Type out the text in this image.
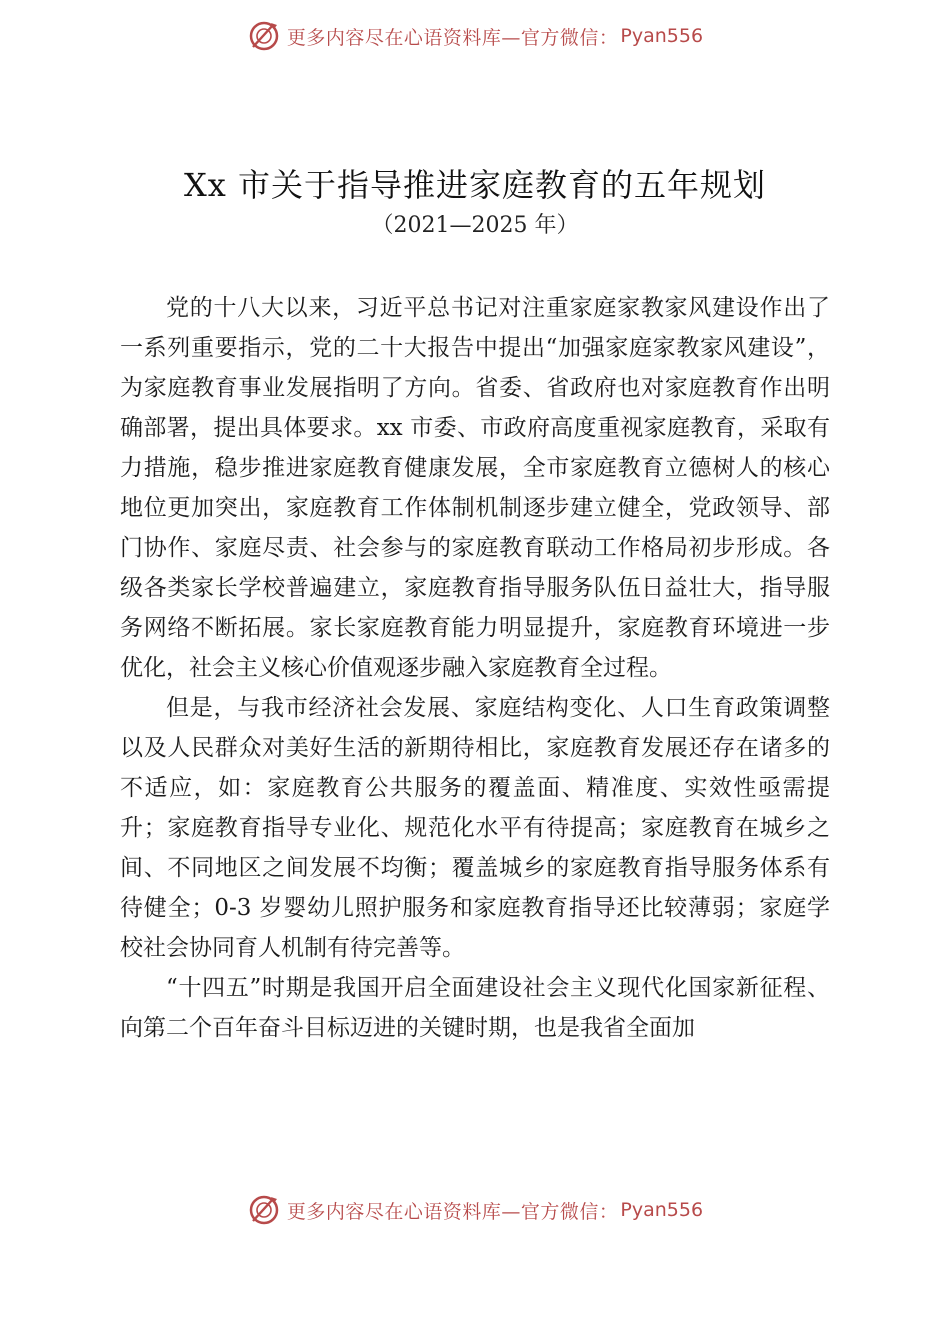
更多内容尽在心语资料库—官方微信： Pyan556
Xx 市关于指导推进家庭教育的五年规划
（2021—2025 年）

党的十八大以来，习近平总书记对注重家庭家教家风建设作出了一系列重要指示，党的二十大报告中提出“加强家庭家教家风建设”，为家庭教育事业发展指明了方向。省委、省政府也对家庭教育作出明确部署，提出具体要求。xx 市委、市政府高度重视家庭教育，采取有力措施，稳步推进家庭教育健康发展，全市家庭教育立德树人的核心地位更加突出，家庭教育工作体制机制逐步建立健全，党政领导、部门协作、家庭尽责、社会参与的家庭教育联动工作格局初步形成。各级各类家长学校普遍建立，家庭教育指导服务队伍日益壮大，指导服务网络不断拓展。家长家庭教育能力明显提升，家庭教育环境进一步优化，社会主义核心价值观逐步融入家庭教育全过程。

但是，与我市经济社会发展、家庭结构变化、人口生育政策调整以及人民群众对美好生活的新期待相比，家庭教育发展还存在诸多的不适应，如：家庭教育公共服务的覆盖面、精准度、实效性亟需提升；家庭教育指导专业化、规范化水平有待提高；家庭教育在城乡之间、不同地区之间发展不均衡；覆盖城乡的家庭教育指导服务体系有待健全；0-3 岁婴幼儿照护服务和家庭教育指导还比较薄弱；家庭学校社会协同育人机制有待完善等。

“十四五”时期是我国开启全面建设社会主义现代化国家新征程、向第二个百年奋斗目标迈进的关键时期，也是我省全面加

更多内容尽在心语资料库—官方微信： Pyan556
